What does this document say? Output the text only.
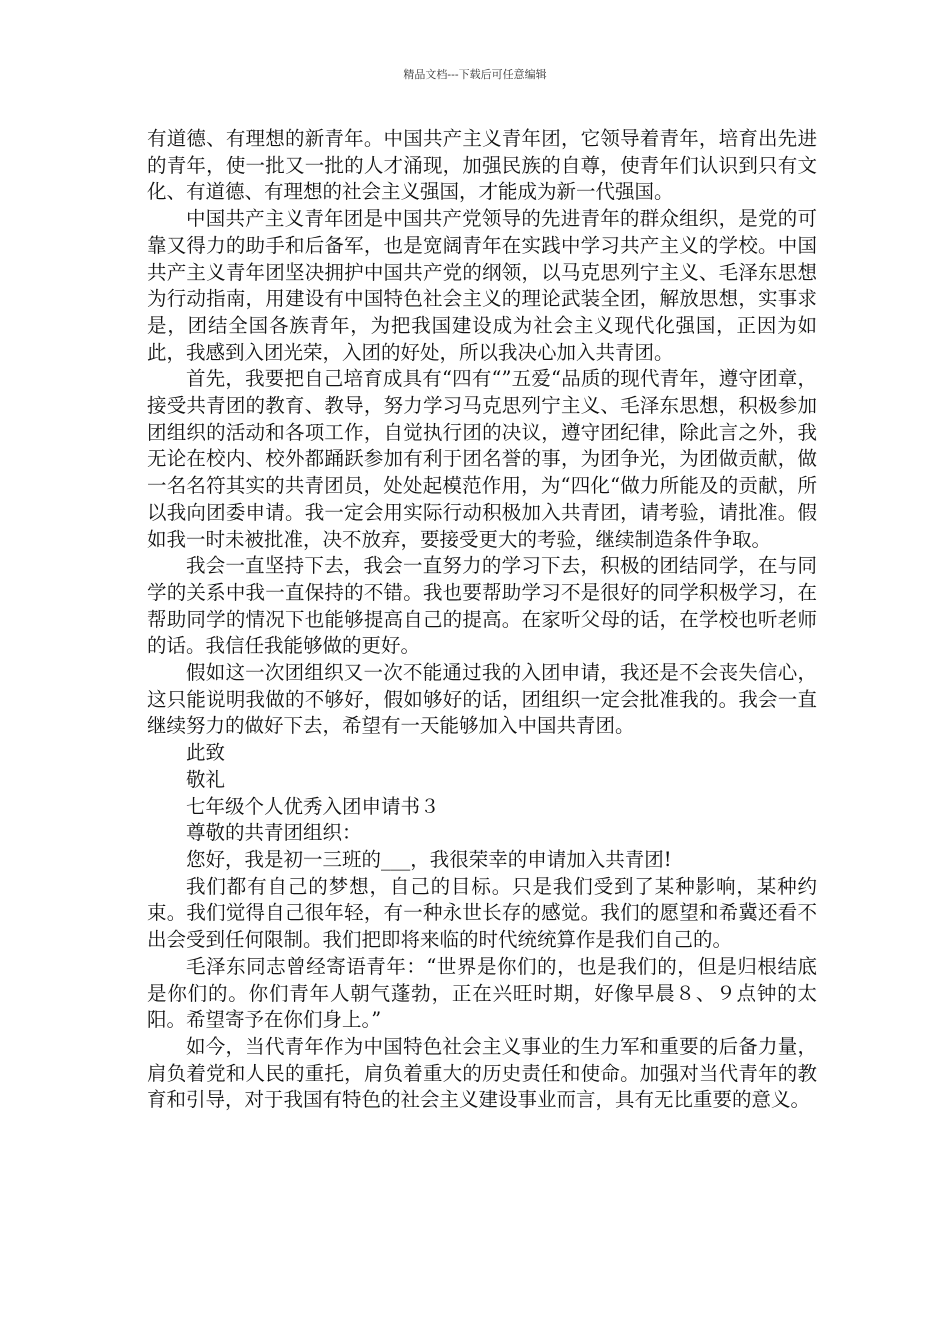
精品文档---下载后可任意编辑

有道德、有理想的新青年。中国共产主义青年团，它领导着青年，培育出先进的青年，使一批又一批的人才涌现，加强民族的自尊，使青年们认识到只有文化、有道德、有理想的社会主义强国，才能成为新一代强国。

中国共产主义青年团是中国共产党领导的先进青年的群众组织，是党的可靠又得力的助手和后备军，也是宽阔青年在实践中学习共产主义的学校。中国共产主义青年团坚决拥护中国共产党的纲领，以马克思列宁主义、毛泽东思想为行动指南，用建设有中国特色社会主义的理论武装全团，解放思想，实事求是，团结全国各族青年，为把我国建设成为社会主义现代化强国，正因为如此，我感到入团光荣，入团的好处，所以我决心加入共青团。

首先，我要把自己培育成具有“四有“”五爱“品质的现代青年，遵守团章，接受共青团的教育、教导，努力学习马克思列宁主义、毛泽东思想，积极参加团组织的活动和各项工作，自觉执行团的决议，遵守团纪律，除此言之外，我无论在校内、校外都踊跃参加有利于团名誉的事，为团争光，为团做贡献，做一名名符其实的共青团员，处处起模范作用，为“四化“做力所能及的贡献，所以我向团委申请。我一定会用实际行动积极加入共青团，请考验，请批准。假如我一时未被批准，决不放弃，要接受更大的考验，继续制造条件争取。

我会一直坚持下去，我会一直努力的学习下去，积极的团结同学，在与同学的关系中我一直保持的不错。我也要帮助学习不是很好的同学积极学习，在帮助同学的情况下也能够提高自己的提高。在家听父母的话，在学校也听老师的话。我信任我能够做的更好。

假如这一次团组织又一次不能通过我的入团申请，我还是不会丧失信心，这只能说明我做的不够好，假如够好的话，团组织一定会批准我的。我会一直继续努力的做好下去，希望有一天能够加入中国共青团。

此致

敬礼

七年级个人优秀入团申请书３

尊敬的共青团组织：

您好，我是初一三班的___，我很荣幸的申请加入共青团!

我们都有自己的梦想，自己的目标。只是我们受到了某种影响，某种约束。我们觉得自己很年轻，有一种永世长存的感觉。我们的愿望和希冀还看不出会受到任何限制。我们把即将来临的时代统统算作是我们自己的。

毛泽东同志曾经寄语青年：“世界是你们的，也是我们的，但是归根结底是你们的。你们青年人朝气蓬勃，正在兴旺时期，好像早晨８、９点钟的太阳。希望寄予在你们身上。”

如今，当代青年作为中国特色社会主义事业的生力军和重要的后备力量，肩负着党和人民的重托，肩负着重大的历史责任和使命。加强对当代青年的教育和引导，对于我国有特色的社会主义建设事业而言，具有无比重要的意义。
